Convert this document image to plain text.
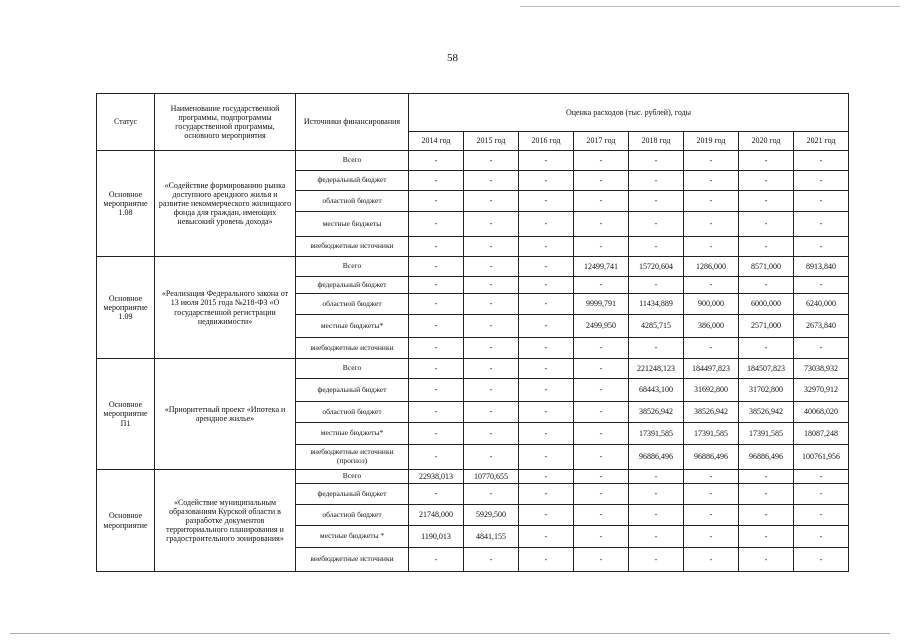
58
Статус	Наименование государственной программы, подпрограммы государственной программы, основного мероприятия	Источники финансирования	Оценка расходов (тыс. рублей), годы							
			2014 год	2015 год	2016 год	2017 год	2018 год	2019 год	2020 год	2021 год
Основное мероприятие 1.08	«Содействие формированию рынка доступного арендного жилья и развитие некоммерческого жилищного фонда для граждан, имеющих невысокий уровень дохода»	Всего	-	-	-	-	-	-	-	-
		федеральный бюджет	-	-	-	-	-	-	-	-
		областной бюджет	-	-	-	-	-	-	-	-
		местные бюджеты	-	-	-	-	-	-	-	-
		внебюджетные источники	-	-	-	-	-	-	-	-
Основное мероприятие 1.09	«Реализация Федерального закона от 13 июля 2015 года №218-ФЗ «О государственной регистрации недвижимости»	Всего	-	-	-	12499,741	15720,604	1286,000	8571,000	8913,840
		федеральный бюджет	-	-	-	-	-	-	-	-
		областной бюджет	-	-	-	9999,791	11434,889	900,000	6000,000	6240,000
		местные бюджеты*	-	-	-	2499,950	4285,715	386,000	2571,000	2673,840
		внебюджетные источники	-	-	-	-	-	-	-	-
Основное мероприятие П1	«Приоритетный проект «Ипотека и арендное жилье»	Всего	-	-	-	-	221248,123	184497,823	184507,823	73038,932
		федеральный бюджет	-	-	-	-	68443,100	31692,800	31702,800	32970,912
		областной бюджет	-	-	-	-	38526,942	38526,942	38526,942	40068,020
		местные бюджеты*	-	-	-	-	17391,585	17391,585	17391,585	18087,248
		внебюджетные источники (прогноз)	-	-	-	-	96886,496	96886,496	96886,496	100761,956
Основное мероприятие	«Содействие муниципальным образованиям Курской области в разработке документов территориального планирования и градостроительного зонирования»	Всего	22938,013	10770,655	-	-	-	-	-	-
		федеральный бюджет	-	-	-	-	-	-	-	-
		областной бюджет	21748,000	5929,500	-	-	-	-	-	-
		местные бюджеты *	1190,013	4841,155	-	-	-	-	-	-
		внебюджетные источники	-	-	-	-	-	-	-	-
